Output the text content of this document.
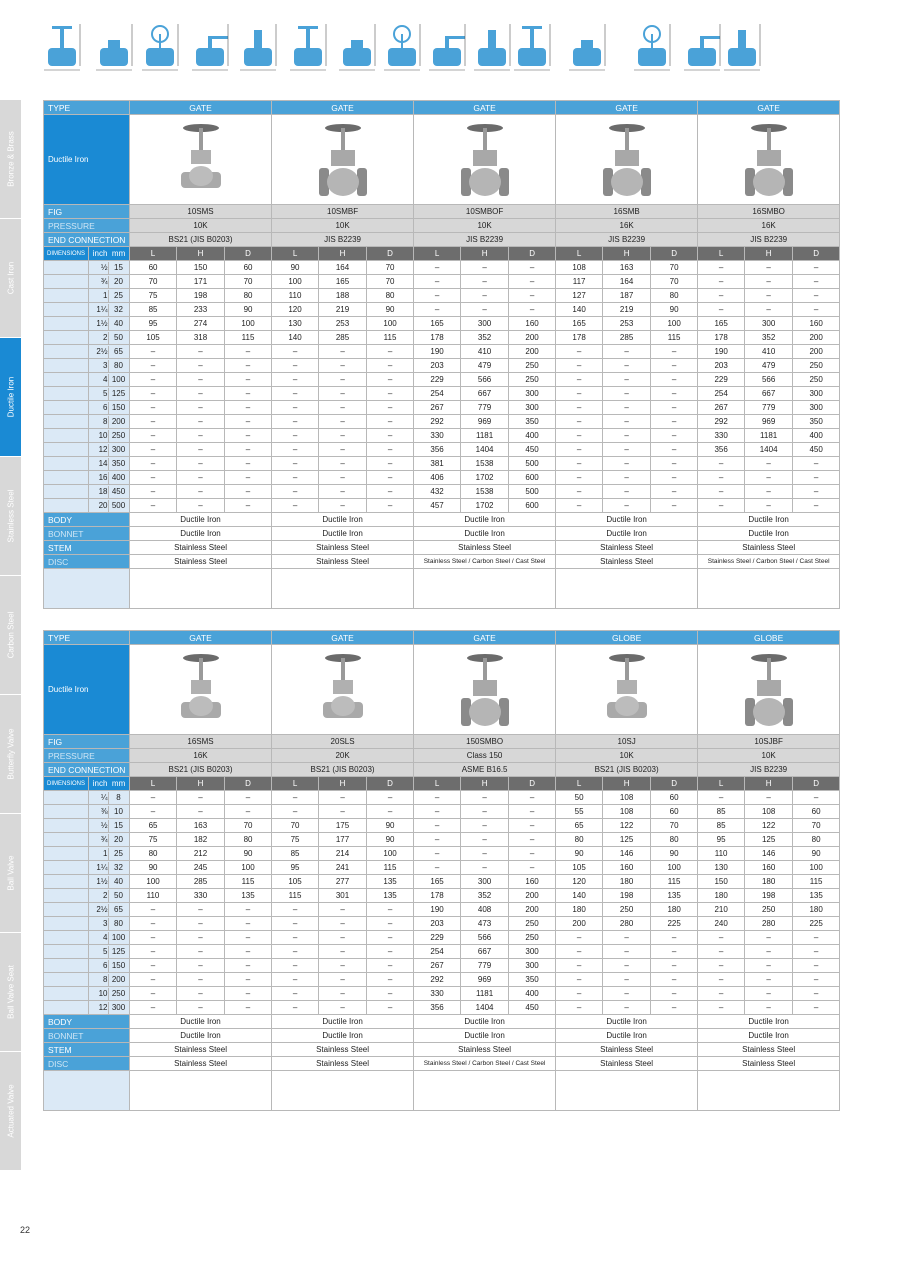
Bronze & Brass
Cast Iron
Ductile Iron
Stainless Steel
Carbon Steel
Butterfly Valve
Ball Valve
Ball Valve Seat
Actuated Valve
TYPE		GATE			GATE			GATE			GATE			GATE		
Ductile Iron	

FIG		10SMS			10SMBF			10SMBOF			16SMB			16SMBO		
PRESSURE		10K			10K			10K			16K			16K		
END CONNECTION		BS21 (JIS B0203)			JIS B2239			JIS B2239			JIS B2239			JIS B2239		
DIMENSIONS	inch mm	L	H	D	L	H	D	L	H	D	L	H	D	L	H	D
	½ 15	60	150	60	90	164	70	–	–	–	108	163	70	–	–	–
	¾ 20	70	171	70	100	165	70	–	–	–	117	164	70	–	–	–
	1 25	75	198	80	110	188	80	–	–	–	127	187	80	–	–	–
	1¼ 32	85	233	90	120	219	90	–	–	–	140	219	90	–	–	–
	1½ 40	95	274	100	130	253	100	165	300	160	165	253	100	165	300	160
	2 50	105	318	115	140	285	115	178	352	200	178	285	115	178	352	200
	2½ 65	–	–	–	–	–	–	190	410	200	–	–	–	190	410	200
	3 80	–	–	–	–	–	–	203	479	250	–	–	–	203	479	250
	4 100	–	–	–	–	–	–	229	566	250	–	–	–	229	566	250
	5 125	–	–	–	–	–	–	254	667	300	–	–	–	254	667	300
	6 150	–	–	–	–	–	–	267	779	300	–	–	–	267	779	300
	8 200	–	–	–	–	–	–	292	969	350	–	–	–	292	969	350
	10 250	–	–	–	–	–	–	330	1181	400	–	–	–	330	1181	400
	12 300	–	–	–	–	–	–	356	1404	450	–	–	–	356	1404	450
	14 350	–	–	–	–	–	–	381	1538	500	–	–	–	–	–	–
	16 400	–	–	–	–	–	–	406	1702	600	–	–	–	–	–	–
	18 450	–	–	–	–	–	–	432	1538	500	–	–	–	–	–	–
	20 500	–	–	–	–	–	–	457	1702	600	–	–	–	–	–	–
BODY		Ductile Iron			Ductile Iron			Ductile Iron			Ductile Iron			Ductile Iron		
BONNET		Ductile Iron			Ductile Iron			Ductile Iron			Ductile Iron			Ductile Iron		
STEM		Stainless Steel			Stainless Steel			Stainless Steel			Stainless Steel			Stainless Steel		
DISC		Stainless Steel			Stainless Steel			Stainless Steel / Carbon Steel / Cast Steel			Stainless Steel			Stainless Steel / Carbon Steel / Cast Steel		

TYPE		GATE			GATE			GATE			GLOBE			GLOBE		
Ductile Iron	

FIG		16SMS			20SLS			150SMBO			10SJ			10SJBF		
PRESSURE		16K			20K			Class 150			10K			10K		
END CONNECTION		BS21 (JIS B0203)			BS21 (JIS B0203)			ASME B16.5			BS21 (JIS B0203)			JIS B2239		
DIMENSIONS	inch mm	L	H	D	L	H	D	L	H	D	L	H	D	L	H	D
	¼ 8	–	–	–	–	–	–	–	–	–	50	108	60	–	–	–
	⅜ 10	–	–	–	–	–	–	–	–	–	55	108	60	85	108	60
	½ 15	65	163	70	70	175	90	–	–	–	65	122	70	85	122	70
	¾ 20	75	182	80	75	177	90	–	–	–	80	125	80	95	125	80
	1 25	80	212	90	85	214	100	–	–	–	90	146	90	110	146	90
	1¼ 32	90	245	100	95	241	115	–	–	–	105	160	100	130	160	100
	1½ 40	100	285	115	105	277	135	165	300	160	120	180	115	150	180	115
	2 50	110	330	135	115	301	135	178	352	200	140	198	135	180	198	135
	2½ 65	–	–	–	–	–	–	190	408	200	180	250	180	210	250	180
	3 80	–	–	–	–	–	–	203	473	250	200	280	225	240	280	225
	4 100	–	–	–	–	–	–	229	566	250	–	–	–	–	–	–
	5 125	–	–	–	–	–	–	254	667	300	–	–	–	–	–	–
	6 150	–	–	–	–	–	–	267	779	300	–	–	–	–	–	–
	8 200	–	–	–	–	–	–	292	969	350	–	–	–	–	–	–
	10 250	–	–	–	–	–	–	330	1181	400	–	–	–	–	–	–
	12 300	–	–	–	–	–	–	356	1404	450	–	–	–	–	–	–
BODY		Ductile Iron			Ductile Iron			Ductile Iron			Ductile Iron			Ductile Iron		
BONNET		Ductile Iron			Ductile Iron			Ductile Iron			Ductile Iron			Ductile Iron		
STEM		Stainless Steel			Stainless Steel			Stainless Steel			Stainless Steel			Stainless Steel		
DISC		Stainless Steel			Stainless Steel			Stainless Steel / Carbon Steel / Cast Steel			Stainless Steel			Stainless Steel		

22
